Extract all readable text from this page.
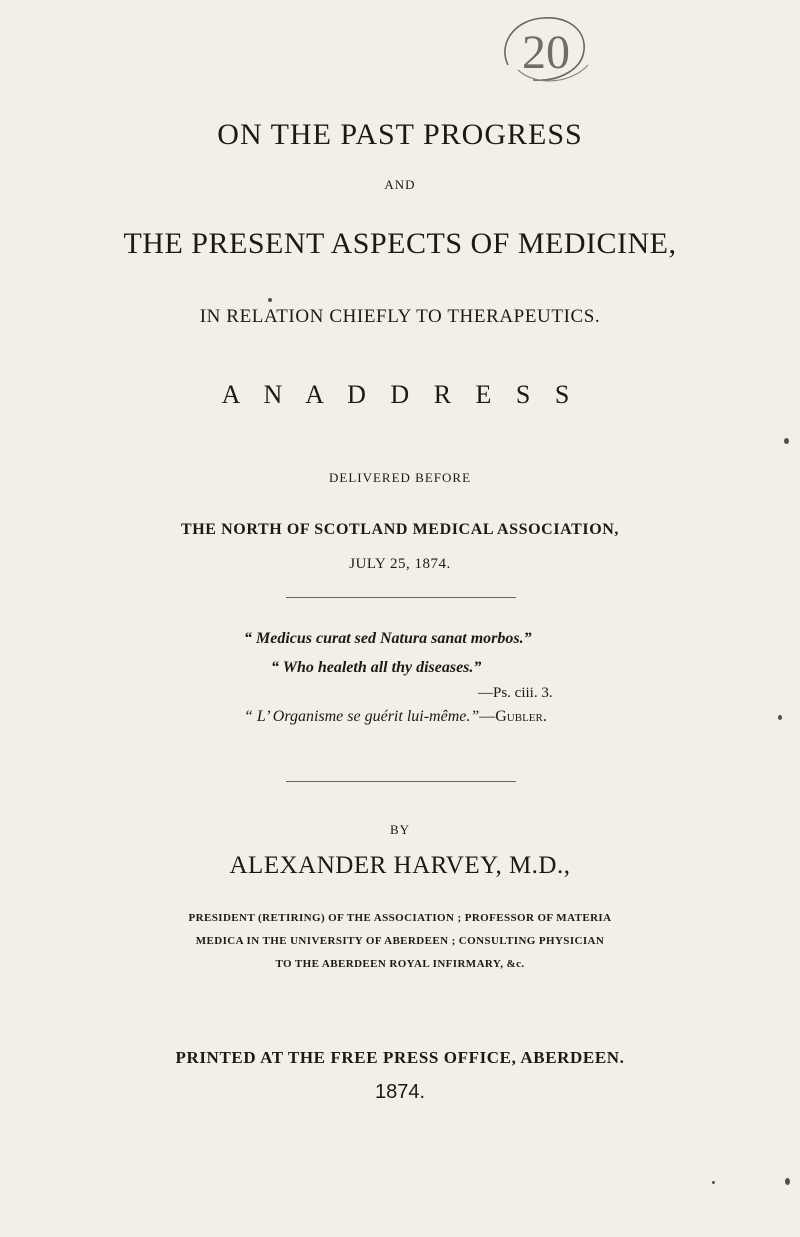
20
ON THE PAST PROGRESS
AND
THE PRESENT ASPECTS OF MEDICINE,
IN RELATION CHIEFLY TO THERAPEUTICS.
A N A D D R E S S
DELIVERED BEFORE
THE NORTH OF SCOTLAND MEDICAL ASSOCIATION,
JULY 25, 1874.
“ Medicus curat sed Natura sanat morbos.”
“ Who healeth all thy diseases.”
—Ps. ciii. 3.
“ L’ Organisme se guérit lui-même.”—Gubler.
BY
ALEXANDER HARVEY, M.D.,
PRESIDENT (RETIRING) OF THE ASSOCIATION ; PROFESSOR OF MATERIA
MEDICA IN THE UNIVERSITY OF ABERDEEN ; CONSULTING PHYSICIAN
TO THE ABERDEEN ROYAL INFIRMARY, &c.
PRINTED AT THE FREE PRESS OFFICE, ABERDEEN.
1874.
